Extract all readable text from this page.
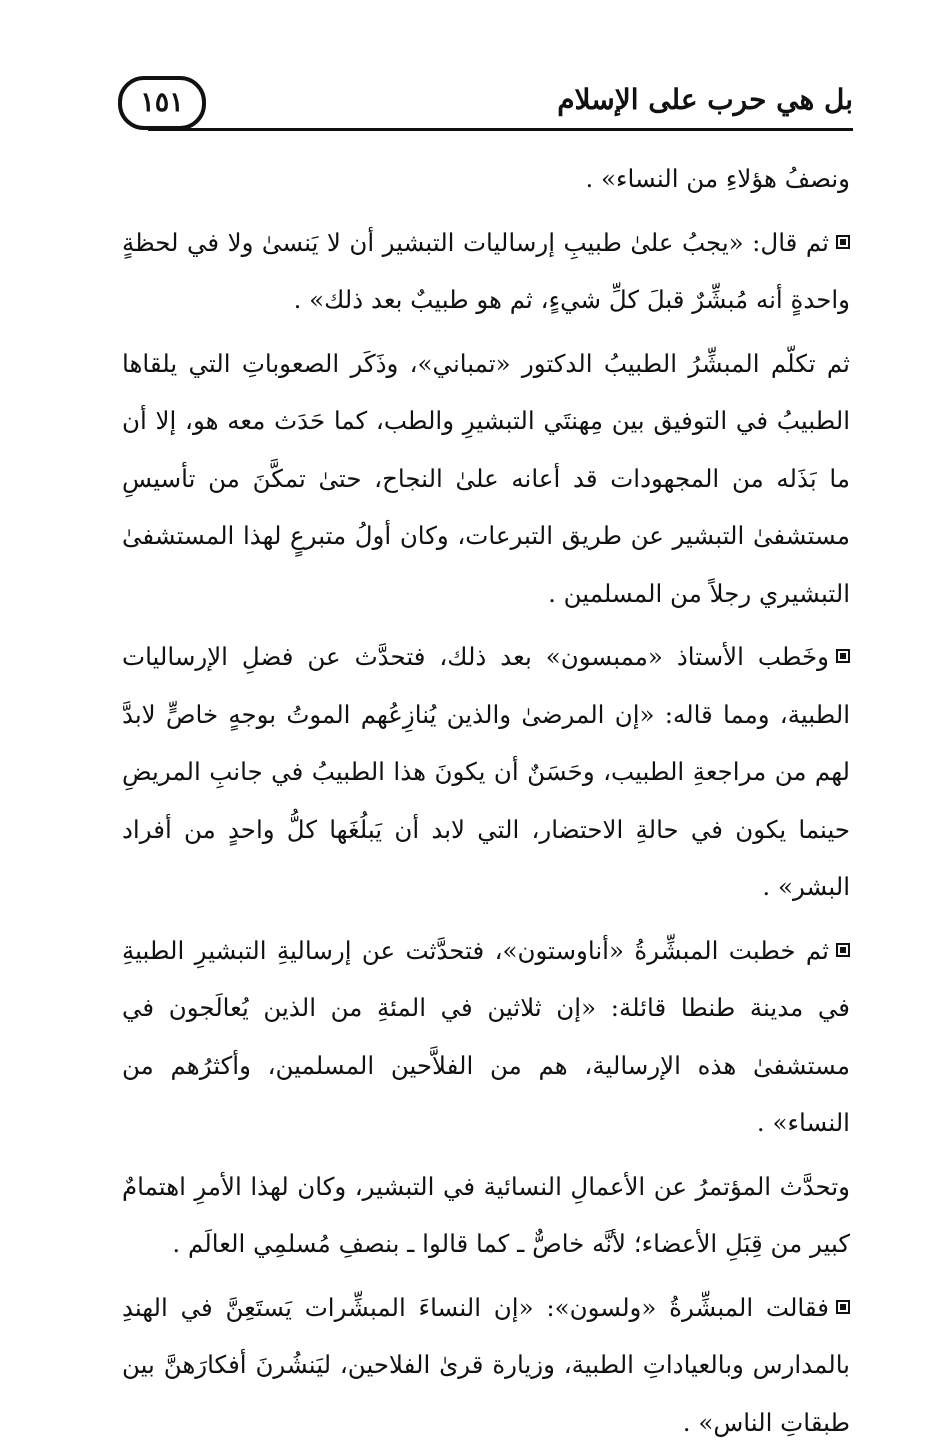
١٥١	بل هي حرب على الإسلام

ونصفُ هؤلاءِ من النساء» .

ثم قال: «يجبُ علىٰ طبيبِ إرساليات التبشير أن لا يَنسىٰ ولا في لحظةٍ واحدةٍ أنه مُبشِّرٌ قبلَ كلِّ شيءٍ، ثم هو طبيبٌ بعد ذلك» .

ثم تكلّم المبشِّرُ الطبيبُ الدكتور «تمباني»، وذَكَر الصعوباتِ التي يلقاها الطبيبُ في التوفيق بين مِهنتَي التبشيرِ والطب، كما حَدَث معه هو، إلا أن ما بَذَله من المجهودات قد أعانه علىٰ النجاح، حتىٰ تمكَّنَ من تأسيسِ مستشفىٰ التبشير عن طريق التبرعات، وكان أولُ متبرعٍ لهذا المستشفىٰ التبشيري رجلاً من المسلمين .

وخَطب الأستاذ «ممبسون» بعد ذلك، فتحدَّث عن فضلِ الإرساليات الطبية، ومما قاله: «إن المرضىٰ والذين يُنازِعُهم الموتُ بوجهٍ خاصٍّ لابدَّ لهم من مراجعةِ الطبيب، وحَسَنٌ أن يكونَ هذا الطبيبُ في جانبِ المريضِ حينما يكون في حالةِ الاحتضار، التي لابد أن يَبلُغَها كلُّ واحدٍ من أفراد البشر» .

ثم خطبت المبشِّرةُ «أناوستون»، فتحدَّثت عن إرساليةِ التبشيرِ الطبيةِ في مدينة طنطا قائلة: «إن ثلاثين في المئةِ من الذين يُعالَجون في مستشفىٰ هذه الإرسالية، هم من الفلاَّحين المسلمين، وأكثرُهم من النساء» .

وتحدَّث المؤتمرُ عن الأعمالِ النسائية في التبشير، وكان لهذا الأمرِ اهتمامٌ كبير من قِبَلِ الأعضاء؛ لأنَّه خاصٌّ ـ كما قالوا ـ بنصفِ مُسلمِي العالَم .

فقالت المبشِّرةُ «ولسون»: «إن النساءَ المبشِّرات يَستَعِنَّ في الهندِ بالمدارس وبالعياداتِ الطبية، وزيارة قرىٰ الفلاحين، ليَنشُرنَ أفكارَهنَّ بين طبقاتِ الناس» .
